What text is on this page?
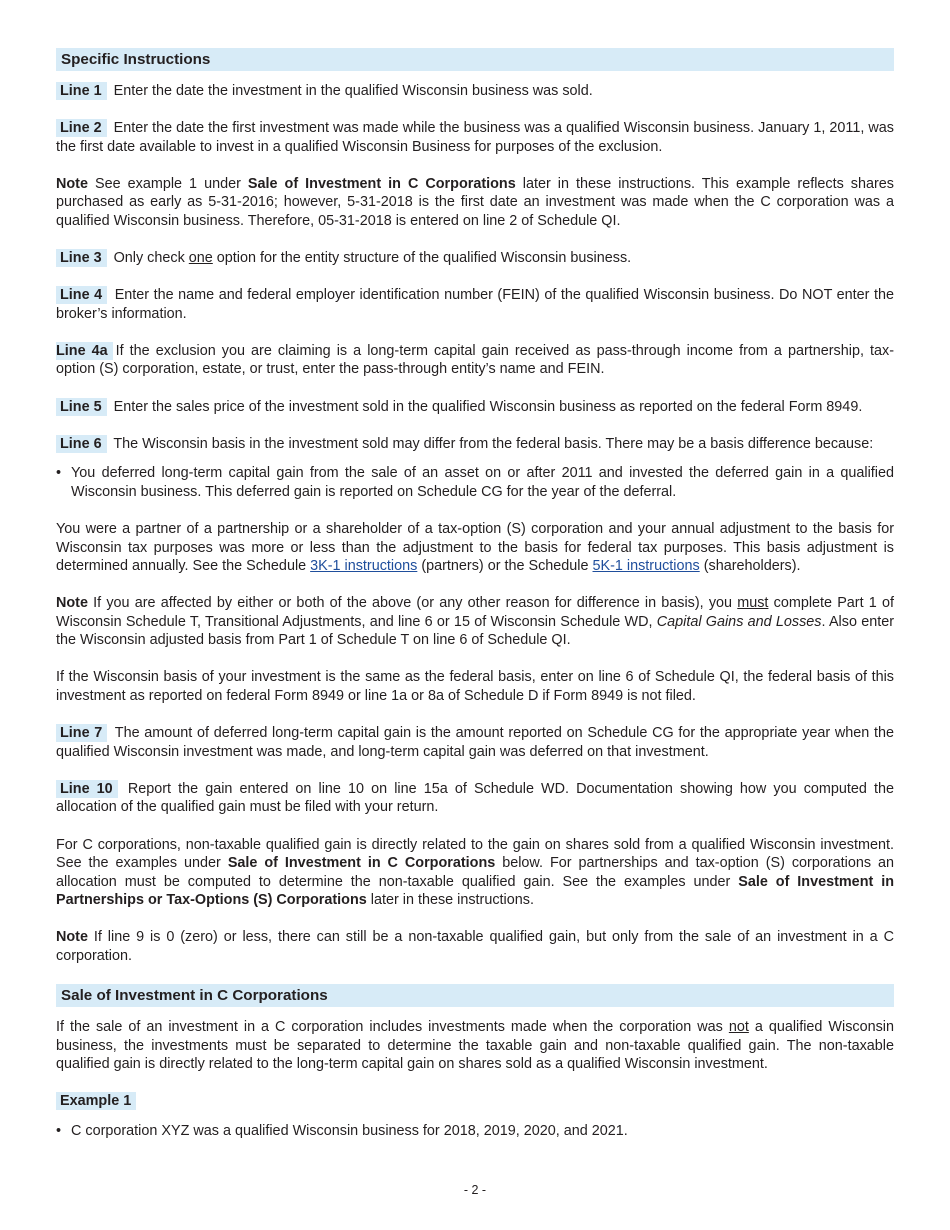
Specific Instructions

Line 1 Enter the date the investment in the qualified Wisconsin business was sold.

Line 2 Enter the date the first investment was made while the business was a qualified Wisconsin business. January 1, 2011, was the first date available to invest in a qualified Wisconsin Business for purposes of the exclusion.

Note See example 1 under Sale of Investment in C Corporations later in these instructions. This example reflects shares purchased as early as 5-31-2016; however, 5-31-2018 is the first date an investment was made when the C corporation was a qualified Wisconsin business. Therefore, 05-31-2018 is entered on line 2 of Schedule QI.

Line 3 Only check one option for the entity structure of the qualified Wisconsin business.

Line 4 Enter the name and federal employer identification number (FEIN) of the qualified Wisconsin business. Do NOT enter the broker’s information.

Line 4a If the exclusion you are claiming is a long-term capital gain received as pass-through income from a partnership, tax-option (S) corporation, estate, or trust, enter the pass-through entity’s name and FEIN.

Line 5 Enter the sales price of the investment sold in the qualified Wisconsin business as reported on the federal Form 8949.

Line 6 The Wisconsin basis in the investment sold may differ from the federal basis. There may be a basis difference because:

• You deferred long-term capital gain from the sale of an asset on or after 2011 and invested the deferred gain in a qualified Wisconsin business. This deferred gain is reported on Schedule CG for the year of the deferral.

You were a partner of a partnership or a shareholder of a tax-option (S) corporation and your annual adjustment to the basis for Wisconsin tax purposes was more or less than the adjustment to the basis for federal tax purposes. This basis adjustment is determined annually. See the Schedule 3K-1 instructions (partners) or the Schedule 5K-1 instructions (shareholders).

Note If you are affected by either or both of the above (or any other reason for difference in basis), you must complete Part 1 of Wisconsin Schedule T, Transitional Adjustments, and line 6 or 15 of Wisconsin Schedule WD, Capital Gains and Losses. Also enter the Wisconsin adjusted basis from Part 1 of Schedule T on line 6 of Schedule QI.

If the Wisconsin basis of your investment is the same as the federal basis, enter on line 6 of Schedule QI, the federal basis of this investment as reported on federal Form 8949 or line 1a or 8a of Schedule D if Form 8949 is not filed.

Line 7 The amount of deferred long-term capital gain is the amount reported on Schedule CG for the appropriate year when the qualified Wisconsin investment was made, and long-term capital gain was deferred on that investment.

Line 10 Report the gain entered on line 10 on line 15a of Schedule WD. Documentation showing how you computed the allocation of the qualified gain must be filed with your return.

For C corporations, non-taxable qualified gain is directly related to the gain on shares sold from a qualified Wisconsin investment. See the examples under Sale of Investment in C Corporations below. For partnerships and tax-option (S) corporations an allocation must be computed to determine the non-taxable qualified gain. See the examples under Sale of Investment in Partnerships or Tax-Options (S) Corporations later in these instructions.

Note If line 9 is 0 (zero) or less, there can still be a non-taxable qualified gain, but only from the sale of an investment in a C corporation.

Sale of Investment in C Corporations

If the sale of an investment in a C corporation includes investments made when the corporation was not a qualified Wisconsin business, the investments must be separated to determine the taxable gain and non-taxable qualified gain. The non-taxable qualified gain is directly related to the long-term capital gain on shares sold as a qualified Wisconsin investment.

Example 1

• C corporation XYZ was a qualified Wisconsin business for 2018, 2019, 2020, and 2021.

- 2 -
